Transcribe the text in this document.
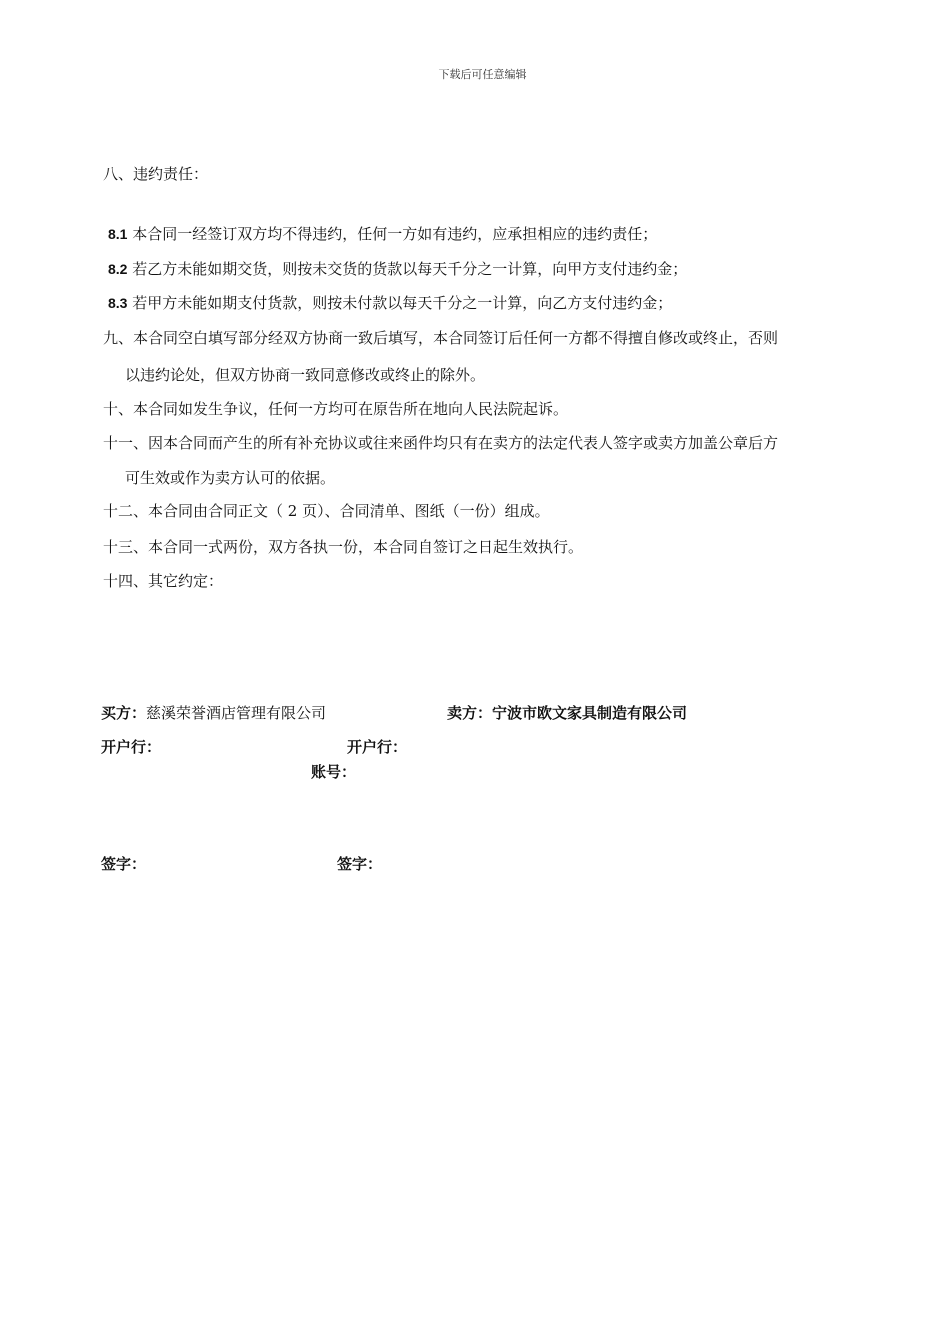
下载后可任意编辑
八、违约责任：
8.1 本合同一经签订双方均不得违约，任何一方如有违约，应承担相应的违约责任；
8.2 若乙方未能如期交货，则按未交货的货款以每天千分之一计算，向甲方支付违约金；
8.3 若甲方未能如期支付货款，则按未付款以每天千分之一计算，向乙方支付违约金；
九、本合同空白填写部分经双方协商一致后填写，本合同签订后任何一方都不得擅自修改或终止，否则
以违约论处，但双方协商一致同意修改或终止的除外。
十、本合同如发生争议，任何一方均可在原告所在地向人民法院起诉。
十一、因本合同而产生的所有补充协议或往来函件均只有在卖方的法定代表人签字或卖方加盖公章后方
可生效或作为卖方认可的依据。
十二、本合同由合同正文（ 2 页）、合同清单、图纸（一份）组成。
十三、本合同一式两份，双方各执一份，本合同自签订之日起生效执行。
十四、其它约定：
买方：慈溪荣誉酒店管理有限公司	卖方：宁波市欧文家具制造有限公司
开户行：	开户行：
账号：
签字：	签字：
